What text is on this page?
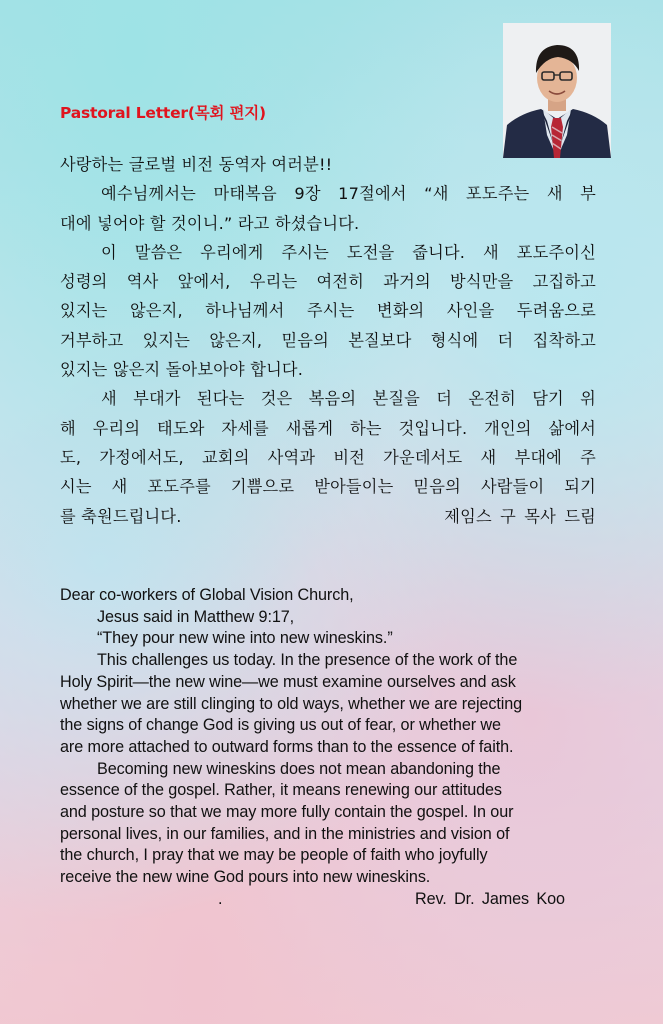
Pastoral Letter(목회 편지)
사랑하는 글로벌 비전 동역자 여러분!!
예수님께서는 마태복음 9장 17절에서 “새 포도주는 새 부
대에 넣어야 할 것이니.” 라고 하셨습니다.
이 말씀은 우리에게 주시는 도전을 줍니다. 새 포도주이신
성령의 역사 앞에서, 우리는 여전히 과거의 방식만을 고집하고
있지는 않은지, 하나님께서 주시는 변화의 사인을 두려움으로
거부하고 있지는 않은지, 믿음의 본질보다 형식에 더 집착하고
있지는 않은지 돌아보아야 합니다.
새 부대가 된다는 것은 복음의 본질을 더 온전히 담기 위
해 우리의 태도와 자세를 새롭게 하는 것입니다. 개인의 삶에서
도, 가정에서도, 교회의 사역과 비전 가운데서도 새 부대에 주
시는 새 포도주를 기쁨으로 받아들이는 믿음의 사람들이 되기
를 축원드립니다.	제임스 구 목사 드림

Dear co-workers of Global Vision Church,

Jesus said in Matthew 9:17,

“They pour new wine into new wineskins.”

This challenges us today. In the presence of the work of the

Holy Spirit—the new wine—we must examine ourselves and ask

whether we are still clinging to old ways, whether we are rejecting

the signs of change God is giving us out of fear, or whether we

are more attached to outward forms than to the essence of faith.

Becoming new wineskins does not mean abandoning the

essence of the gospel. Rather, it means renewing our attitudes

and posture so that we may more fully contain the gospel. In our

personal lives, in our families, and in the ministries and vision of

the church, I pray that we may be people of faith who joyfully

receive the new wine God pours into new wineskins.

.	Rev. Dr. James Koo
